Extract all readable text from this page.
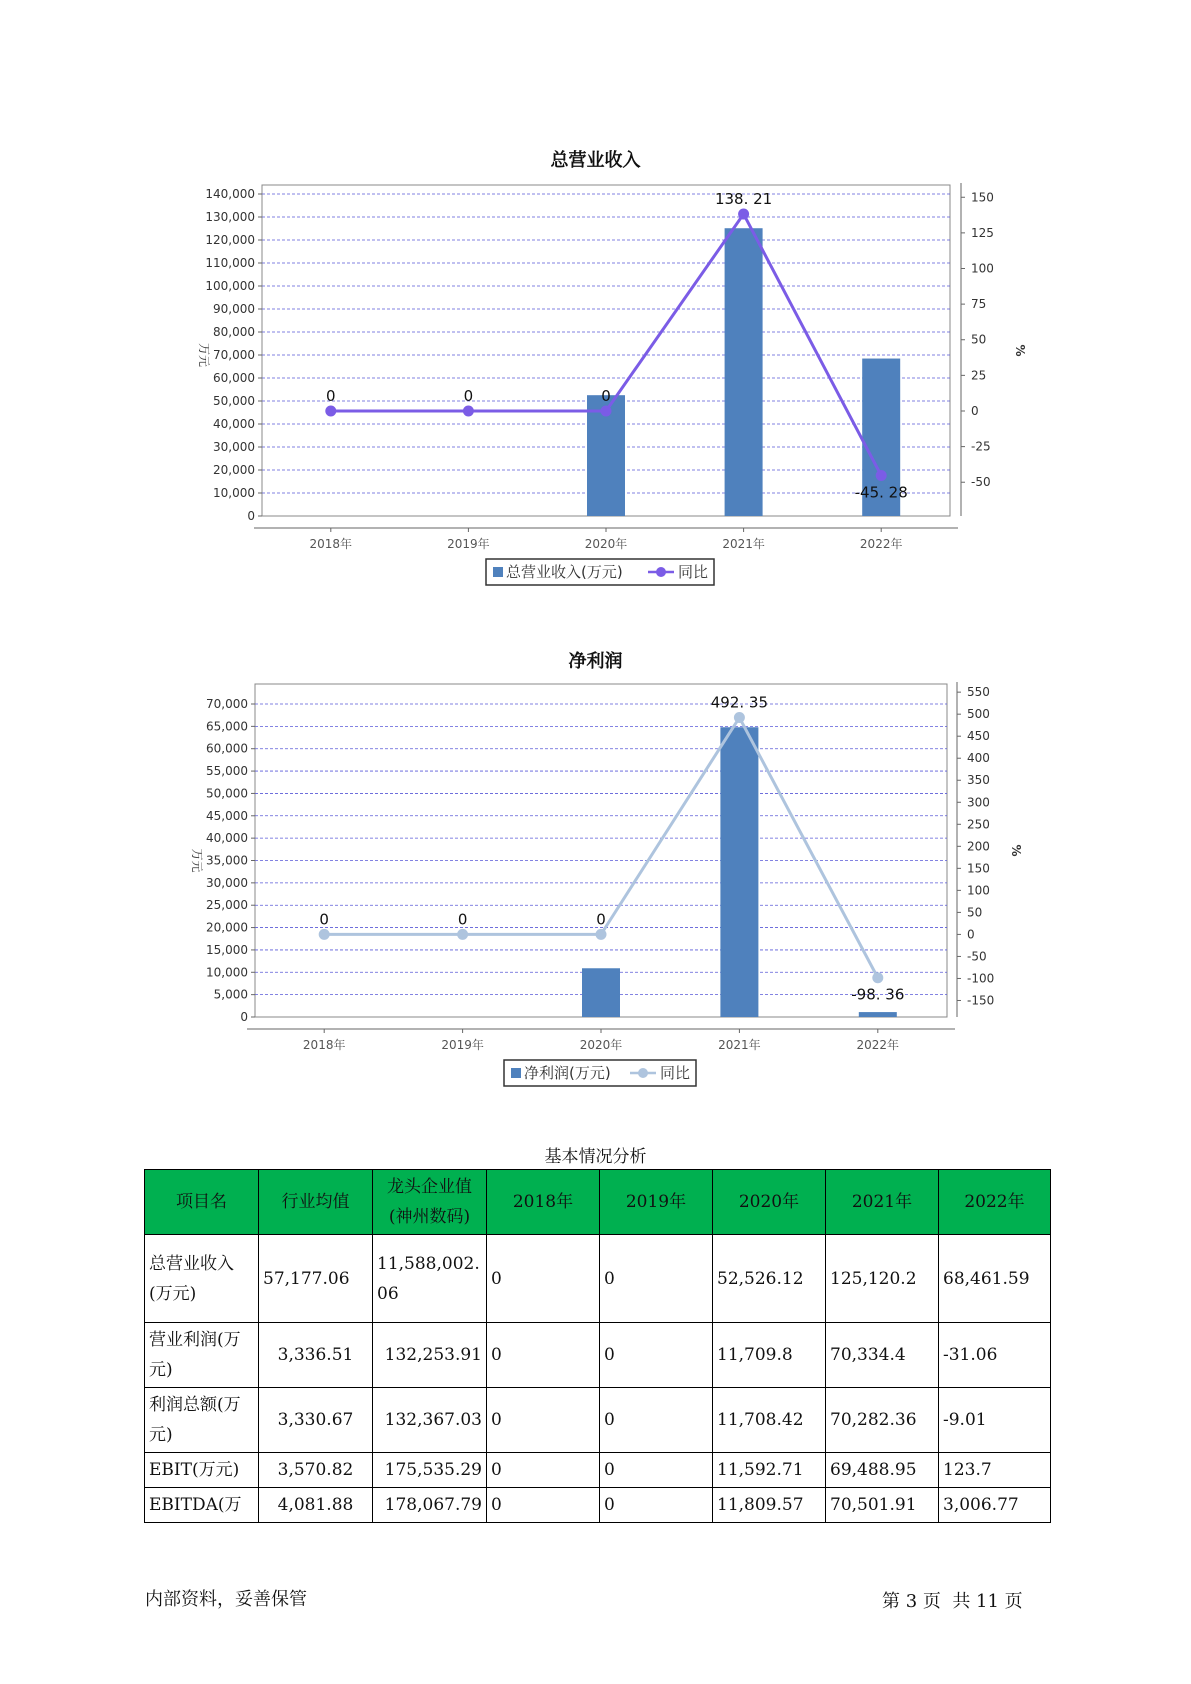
总营业收入
0
10,000
20,000
30,000
40,000
50,000
60,000
70,000
80,000
90,000
100,000
110,000
120,000
130,000
140,000
万元
-50
-25
0
25
50
75
100
125
150
%
2018年	2019年	2020年	2021年	2022年
0	0	0
138. 21
-45. 28
总营业收入(万元)	同比
净利润
0
5,000
10,000
15,000
20,000
25,000
30,000
35,000
40,000
45,000
50,000
55,000
60,000
65,000
70,000
万元
-150
-100
-50
0
50
100
150
200
250
300
350
400
450
500
550
%
2018年	2019年	2020年	2021年	2022年
0	0	0
492. 35
-98. 36
净利润(万元)	同比
基本情况分析
项目名	行业均值	龙头企业值(神州数码)	2018年	2019年	2020年	2021年	2022年
总营业收入(万元)	57,177.06	11,588,002.06	0	0	52,526.12	125,120.2	68,461.59
营业利润(万元)	3,336.51	132,253.91	0	0	11,709.8	70,334.4	-31.06
利润总额(万元)	3,330.67	132,367.03	0	0	11,708.42	70,282.36	-9.01
EBIT(万元)	3,570.82	175,535.29	0	0	11,592.71	69,488.95	123.7
EBITDA(万	4,081.88	178,067.79	0	0	11,809.57	70,501.91	3,006.77
内部资料，妥善保管	第 3 页  共 11 页
